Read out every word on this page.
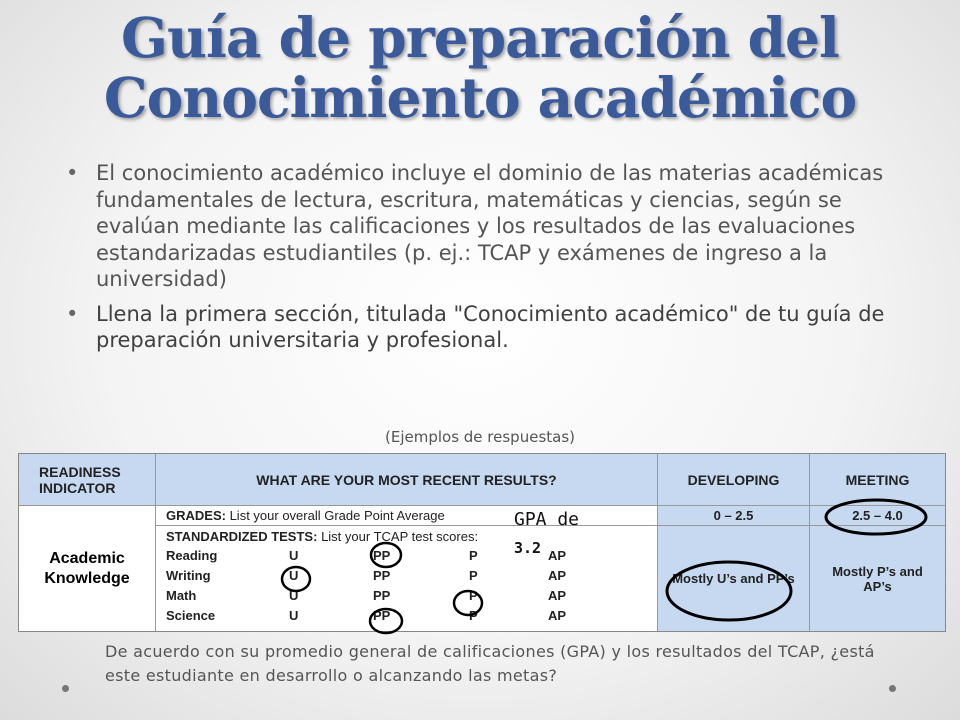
Guía de preparación del
Conocimiento académico
• El conocimiento académico incluye el dominio de las materias académicas fundamentales de lectura, escritura, matemáticas y ciencias, según se evalúan mediante las calificaciones y los resultados de las evaluaciones estandarizadas estudiantiles (p. ej.: TCAP y exámenes de ingreso a la universidad)
• Llena la primera sección, titulada "Conocimiento académico" de tu guía de preparación universitaria y profesional.
(Ejemplos de respuestas)
READINESS INDICATOR	WHAT ARE YOUR MOST RECENT RESULTS?	DEVELOPING	MEETING
Academic Knowledge
GRADES: List your overall Grade Point Average	0 – 2.5	2.5 – 4.0
STANDARDIZED TESTS: List your TCAP test scores:
Reading	U	PP	P	AP
Writing	U	PP	P	AP
Math	U	PP	P	AP
Science	U	PP	P	AP
Mostly U’s and PP’s	Mostly P’s and AP’s
GPA de
3.2
De acuerdo con su promedio general de calificaciones (GPA) y los resultados del TCAP, ¿está este estudiante en desarrollo o alcanzando las metas?
